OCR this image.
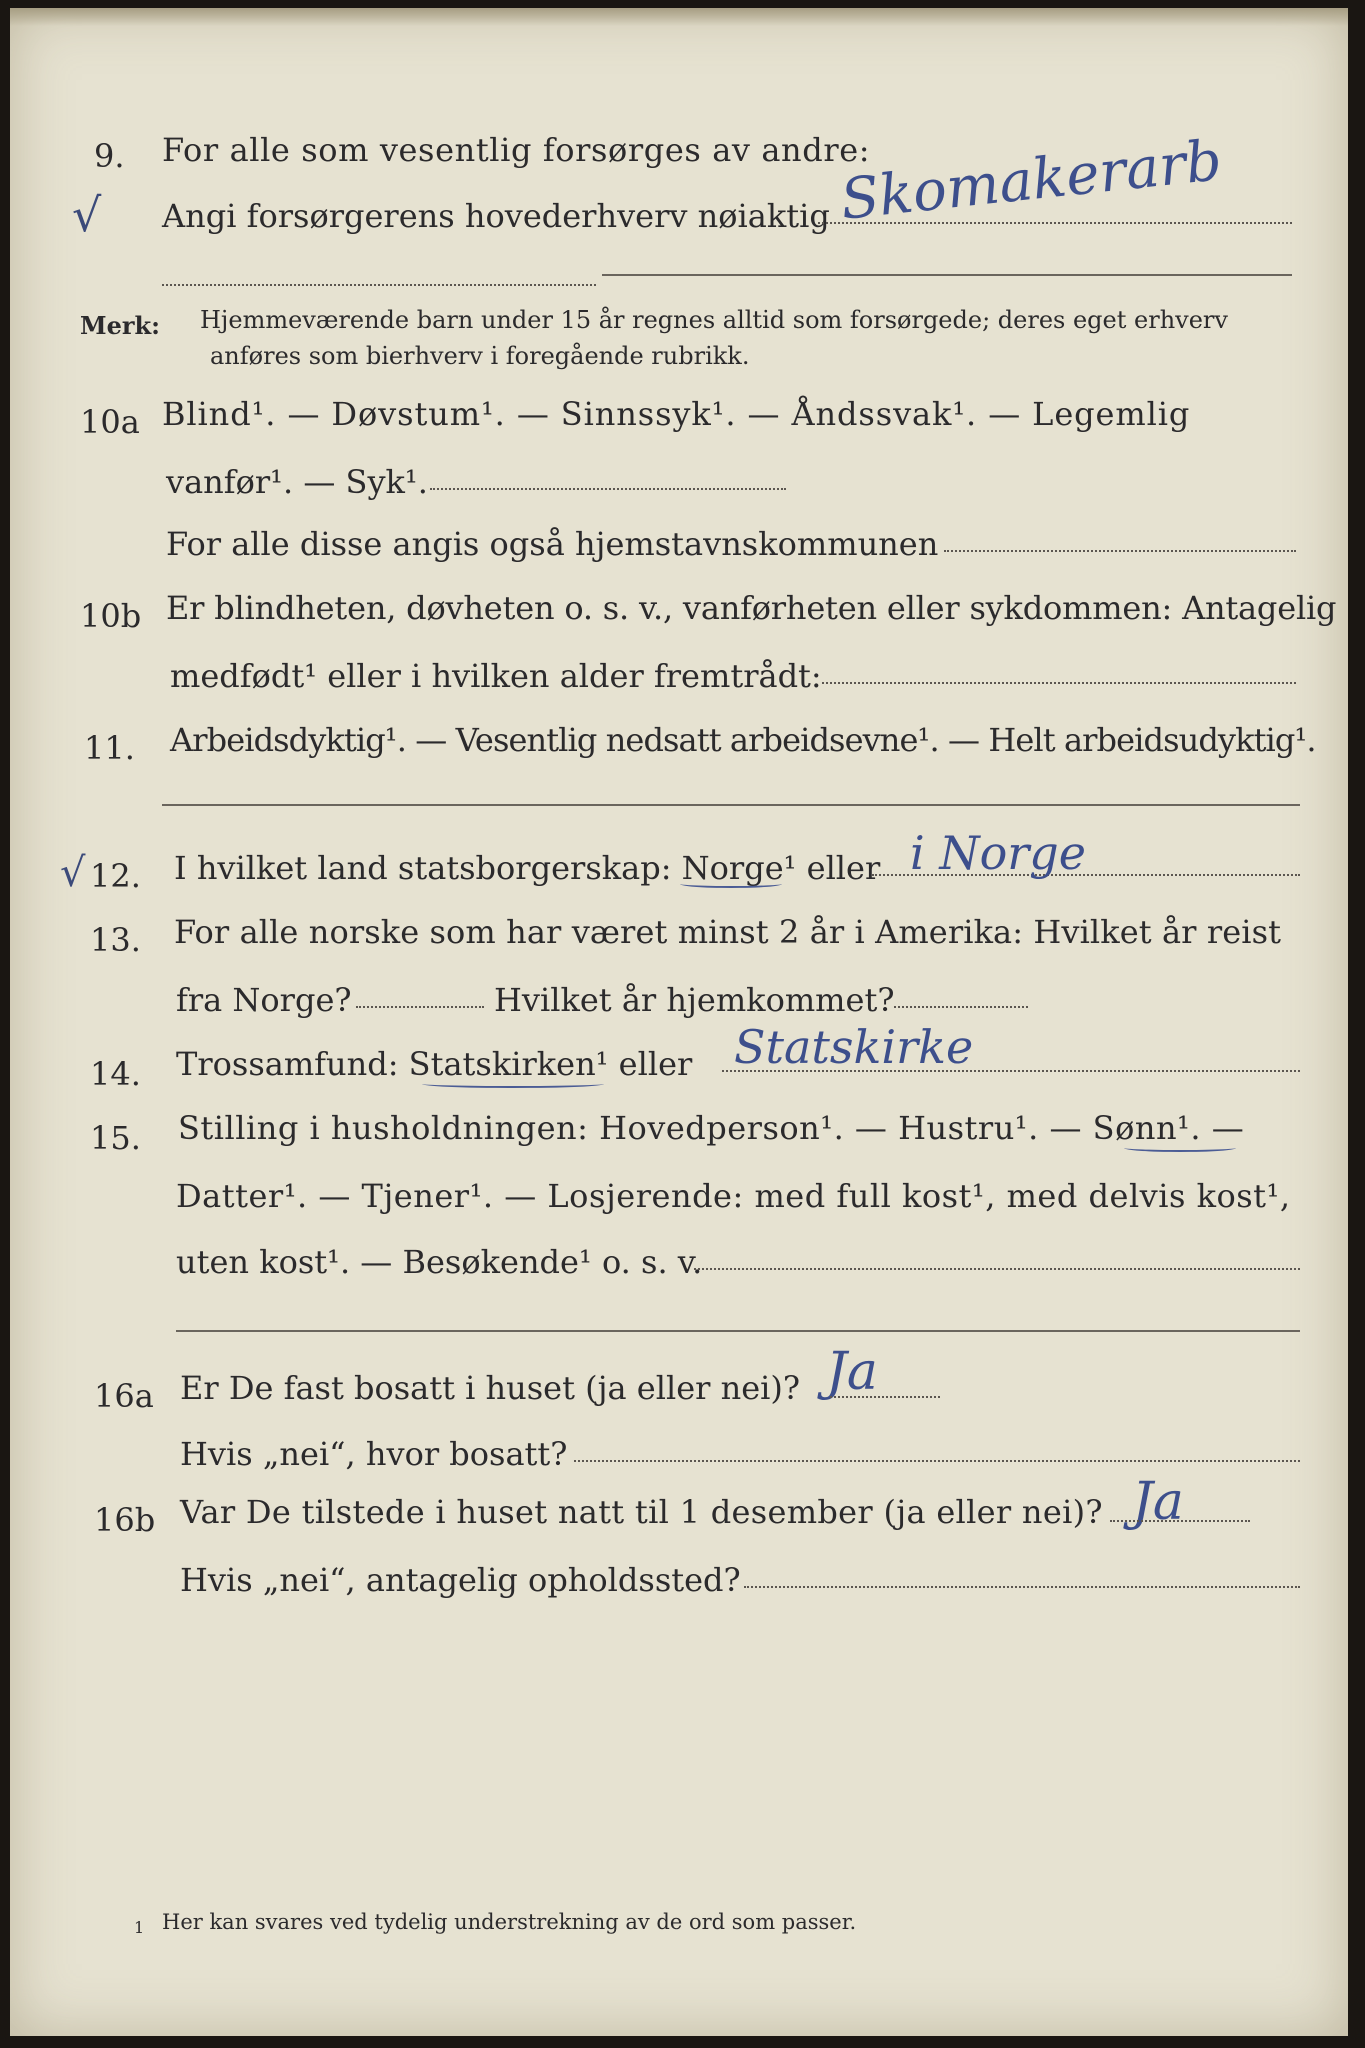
9. For alle som vesentlig forsørges av andre:
√ Angi forsørgerens hovederhverv nøiaktig Skomakerarb
Merk: Hjemmeværende barn under 15 år regnes alltid som forsørgede; deres eget erhverv
anføres som bierhverv i foregående rubrikk.
10a Blind¹. — Døvstum¹. — Sinnssyk¹. — Åndssvak¹. — Legemlig
vanfør¹. — Syk¹.
For alle disse angis også hjemstavnskommunen
10b Er blindheten, døvheten o. s. v., vanførheten eller sykdommen: Antagelig
medfødt¹ eller i hvilken alder fremtrådt:
11. Arbeidsdyktig¹. — Vesentlig nedsatt arbeidsevne¹. — Helt arbeidsudyktig¹.
√ 12. I hvilket land statsborgerskap: Norge¹ eller i Norge
13. For alle norske som har været minst 2 år i Amerika: Hvilket år reist
fra Norge?	Hvilket år hjemkommet?
14. Trossamfund: Statskirken¹ eller Statskirke
15. Stilling i husholdningen: Hovedperson¹. — Hustru¹. — Sønn¹. —
Datter¹. — Tjener¹. — Losjerende: med full kost¹, med delvis kost¹,
uten kost¹. — Besøkende¹ o. s. v.
16a Er De fast bosatt i huset (ja eller nei)? Ja
Hvis „nei“, hvor bosatt?
16b Var De tilstede i huset natt til 1 desember (ja eller nei)? Ja
Hvis „nei“, antagelig opholdssted?
1 Her kan svares ved tydelig understrekning av de ord som passer.
